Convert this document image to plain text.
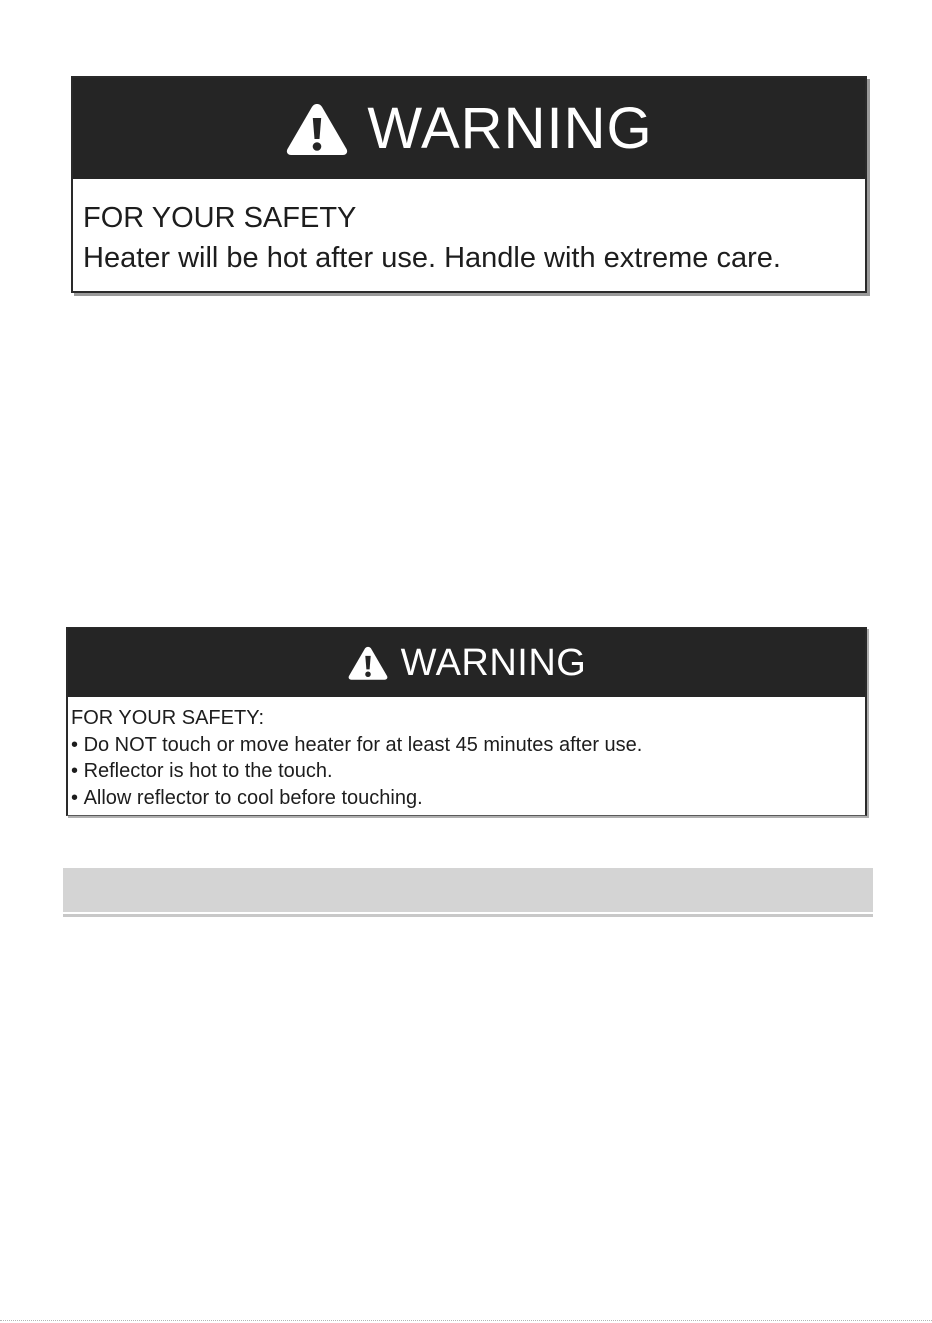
WARNING
FOR YOUR SAFETY
Heater will be hot after use. Handle with extreme care.
WARNING
FOR YOUR SAFETY:
• Do NOT touch or move heater for at least 45 minutes after use.
• Reflector is hot to the touch.
• Allow reflector to cool before touching.
